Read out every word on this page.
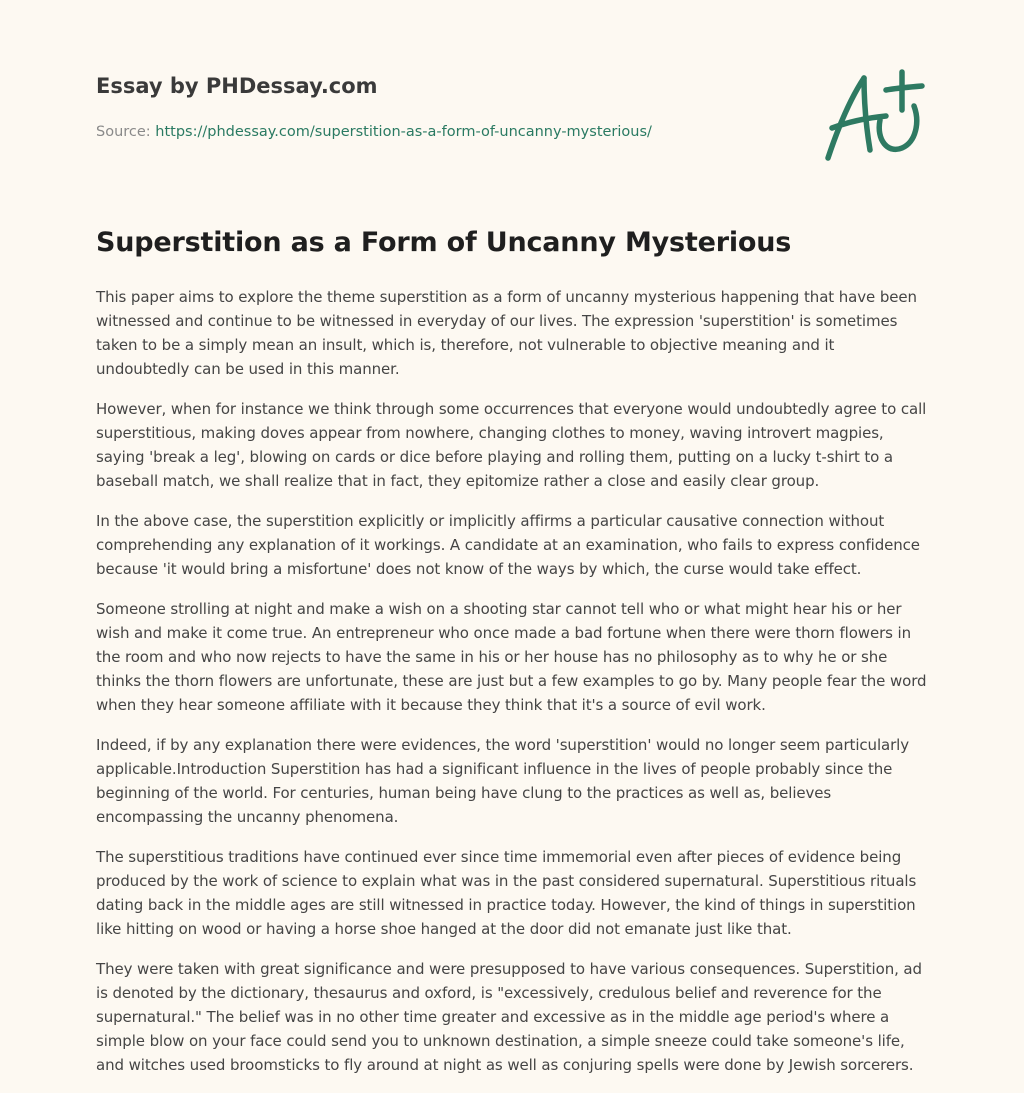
Essay by PHDessay.com
Source: https://phdessay.com/superstition-as-a-form-of-uncanny-mysterious/
Superstition as a Form of Uncanny Mysterious

This paper aims to explore the theme superstition as a form of uncanny mysterious happening that have been witnessed and continue to be witnessed in everyday of our lives. The expression 'superstition' is sometimes taken to be a simply mean an insult, which is, therefore, not vulnerable to objective meaning and it undoubtedly can be used in this manner.

However, when for instance we think through some occurrences that everyone would undoubtedly agree to call superstitious, making doves appear from nowhere, changing clothes to money, waving introvert magpies, saying 'break a leg', blowing on cards or dice before playing and rolling them, putting on a lucky t-shirt to a baseball match, we shall realize that in fact, they epitomize rather a close and easily clear group.

In the above case, the superstition explicitly or implicitly affirms a particular causative connection without comprehending any explanation of it workings. A candidate at an examination, who fails to express confidence because 'it would bring a misfortune' does not know of the ways by which, the curse would take effect.

Someone strolling at night and make a wish on a shooting star cannot tell who or what might hear his or her wish and make it come true. An entrepreneur who once made a bad fortune when there were thorn flowers in the room and who now rejects to have the same in his or her house has no philosophy as to why he or she thinks the thorn flowers are unfortunate, these are just but a few examples to go by. Many people fear the word when they hear someone affiliate with it because they think that it's a source of evil work.

Indeed, if by any explanation there were evidences, the word 'superstition' would no longer seem particularly applicable.Introduction Superstition has had a significant influence in the lives of people probably since the beginning of the world. For centuries, human being have clung to the practices as well as, believes encompassing the uncanny phenomena.

The superstitious traditions have continued ever since time immemorial even after pieces of evidence being produced by the work of science to explain what was in the past considered supernatural. Superstitious rituals dating back in the middle ages are still witnessed in practice today. However, the kind of things in superstition like hitting on wood or having a horse shoe hanged at the door did not emanate just like that.

They were taken with great significance and were presupposed to have various consequences. Superstition, ad is denoted by the dictionary, thesaurus and oxford, is "excessively, credulous belief and reverence for the supernatural." The belief was in no other time greater and excessive as in the middle age period's where a simple blow on your face could send you to unknown destination, a simple sneeze could take someone's life, and witches used broomsticks to fly around at night as well as conjuring spells were done by Jewish sorcerers.
